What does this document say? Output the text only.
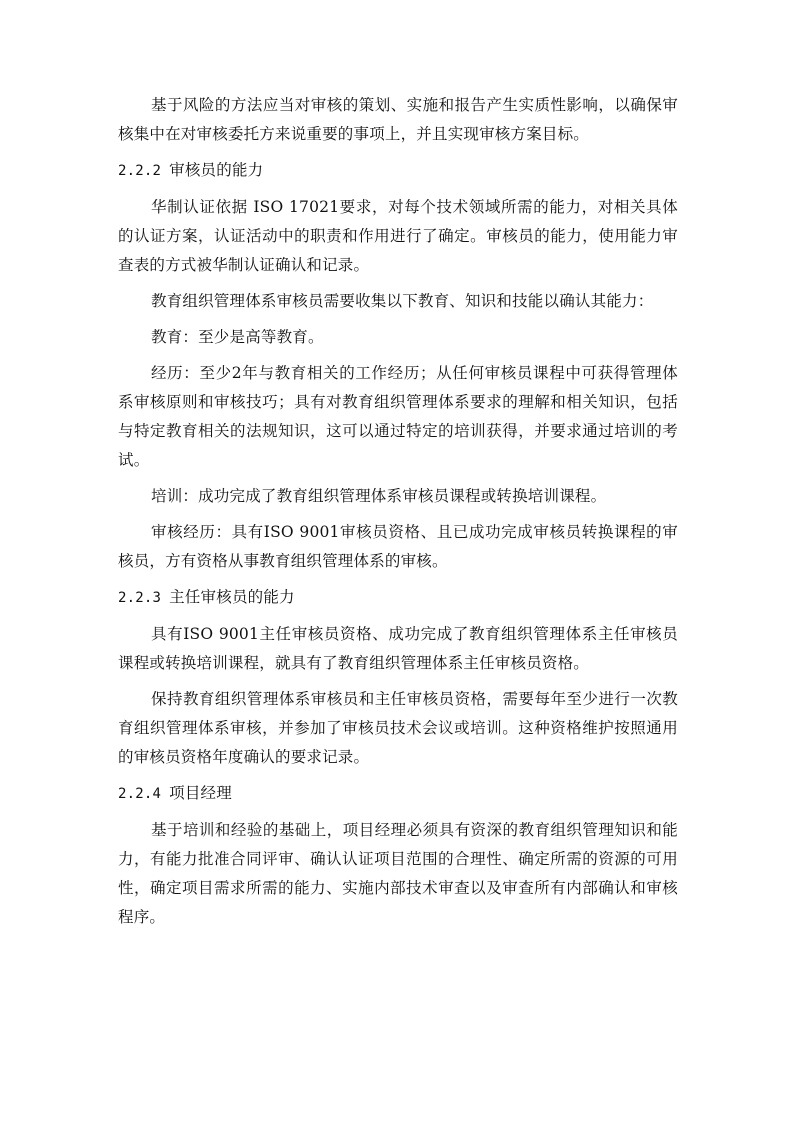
基于风险的方法应当对审核的策划、实施和报告产生实质性影响，以确保审核集中在对审核委托方来说重要的事项上，并且实现审核方案目标。

2.2.2 审核员的能力

华制认证依据 ISO 17021要求，对每个技术领域所需的能力，对相关具体的认证方案，认证活动中的职责和作用进行了确定。审核员的能力，使用能力审查表的方式被华制认证确认和记录。

教育组织管理体系审核员需要收集以下教育、知识和技能以确认其能力：

教育：至少是高等教育。

经历：至少2年与教育相关的工作经历；从任何审核员课程中可获得管理体系审核原则和审核技巧；具有对教育组织管理体系要求的理解和相关知识，包括与特定教育相关的法规知识，这可以通过特定的培训获得，并要求通过培训的考试。

培训：成功完成了教育组织管理体系审核员课程或转换培训课程。

审核经历：具有ISO 9001审核员资格、且已成功完成审核员转换课程的审核员，方有资格从事教育组织管理体系的审核。

2.2.3 主任审核员的能力

具有ISO 9001主任审核员资格、成功完成了教育组织管理体系主任审核员课程或转换培训课程，就具有了教育组织管理体系主任审核员资格。

保持教育组织管理体系审核员和主任审核员资格，需要每年至少进行一次教育组织管理体系审核，并参加了审核员技术会议或培训。这种资格维护按照通用的审核员资格年度确认的要求记录。

2.2.4 项目经理

基于培训和经验的基础上，项目经理必须具有资深的教育组织管理知识和能力，有能力批准合同评审、确认认证项目范围的合理性、确定所需的资源的可用性，确定项目需求所需的能力、实施内部技术审查以及审查所有内部确认和审核程序。
